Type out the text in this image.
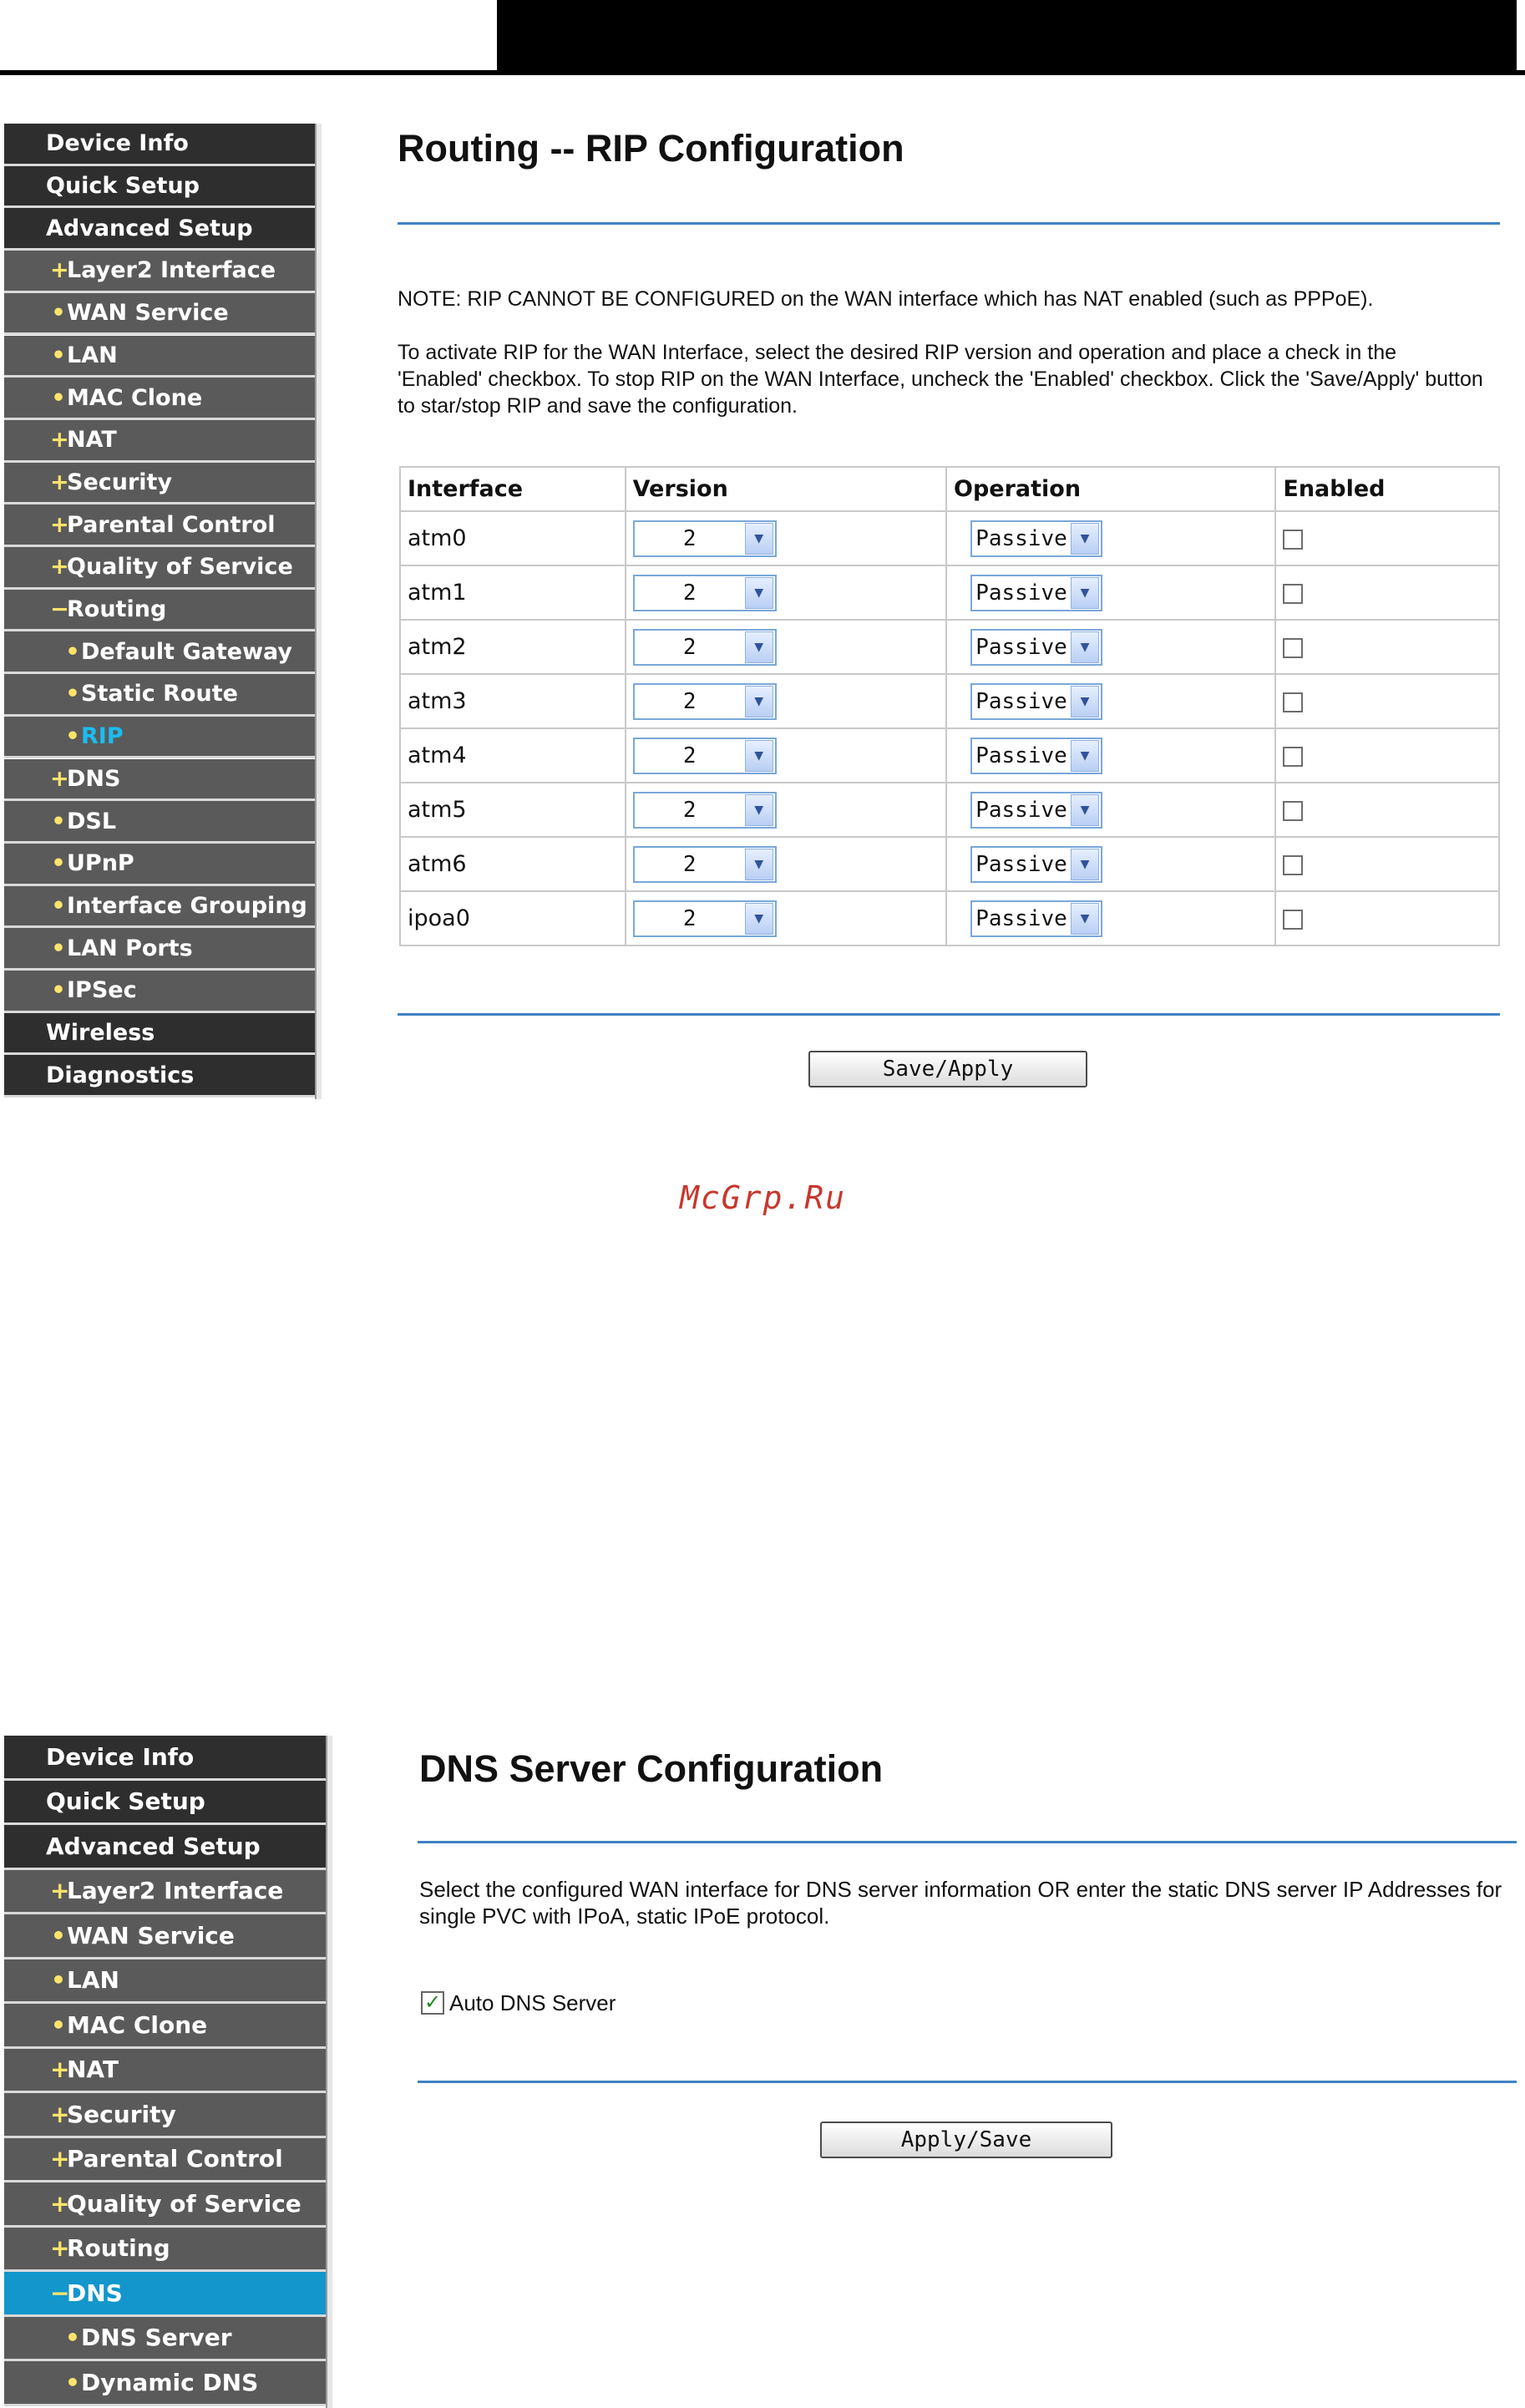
Diagnostics
Wireless
• IPSec
• LAN Ports
• Interface Grouping
• UPnP
• DSL
+
DNS
• RIP
• Static Route
• Default Gateway
−
Routing
+
Quality of Service
+
Parental Control
+
Security
+
NAT
• MAC Clone
• LAN
• WAN Service
+
Layer2 Interface
Advanced Setup
Quick Setup
Device Info	Routing -- RIP Configuration
NOTE: RIP CANNOT BE CONFIGURED on the WAN interface which has NAT enabled (such as PPPoE).
To activate RIP for the WAN Interface, select the desired RIP version and operation and place a check in the 'Enabled' checkbox. To stop RIP on the WAN Interface, uncheck the 'Enabled' checkbox. Click the 'Save/Apply' button to star/stop RIP and save the configuration.
Interface	Version	Operation	Enabled
atm0	2 ▼	Passive ▼	

atm1	2 ▼	Passive ▼	

atm2	2 ▼	Passive ▼	

atm3	2 ▼	Passive ▼	

atm4	2 ▼	Passive ▼	

atm5	2 ▼	Passive ▼	

atm6	2 ▼	Passive ▼	

ipoa0	2 ▼	Passive ▼	

Save/Apply
McGrp.Ru
• Dynamic DNS
• DNS Server
−
DNS
+
Routing
+
Quality of Service
+
Parental Control
+
Security
+
NAT
• MAC Clone
• LAN
• WAN Service
+
Layer2 Interface
Advanced Setup
Quick Setup
Device Info	DNS Server Configuration
Select the configured WAN interface for DNS server information OR enter the static DNS server IP Addresses for single PVC with IPoA, static IPoE protocol.
✓ Auto DNS Server
Apply/Save
